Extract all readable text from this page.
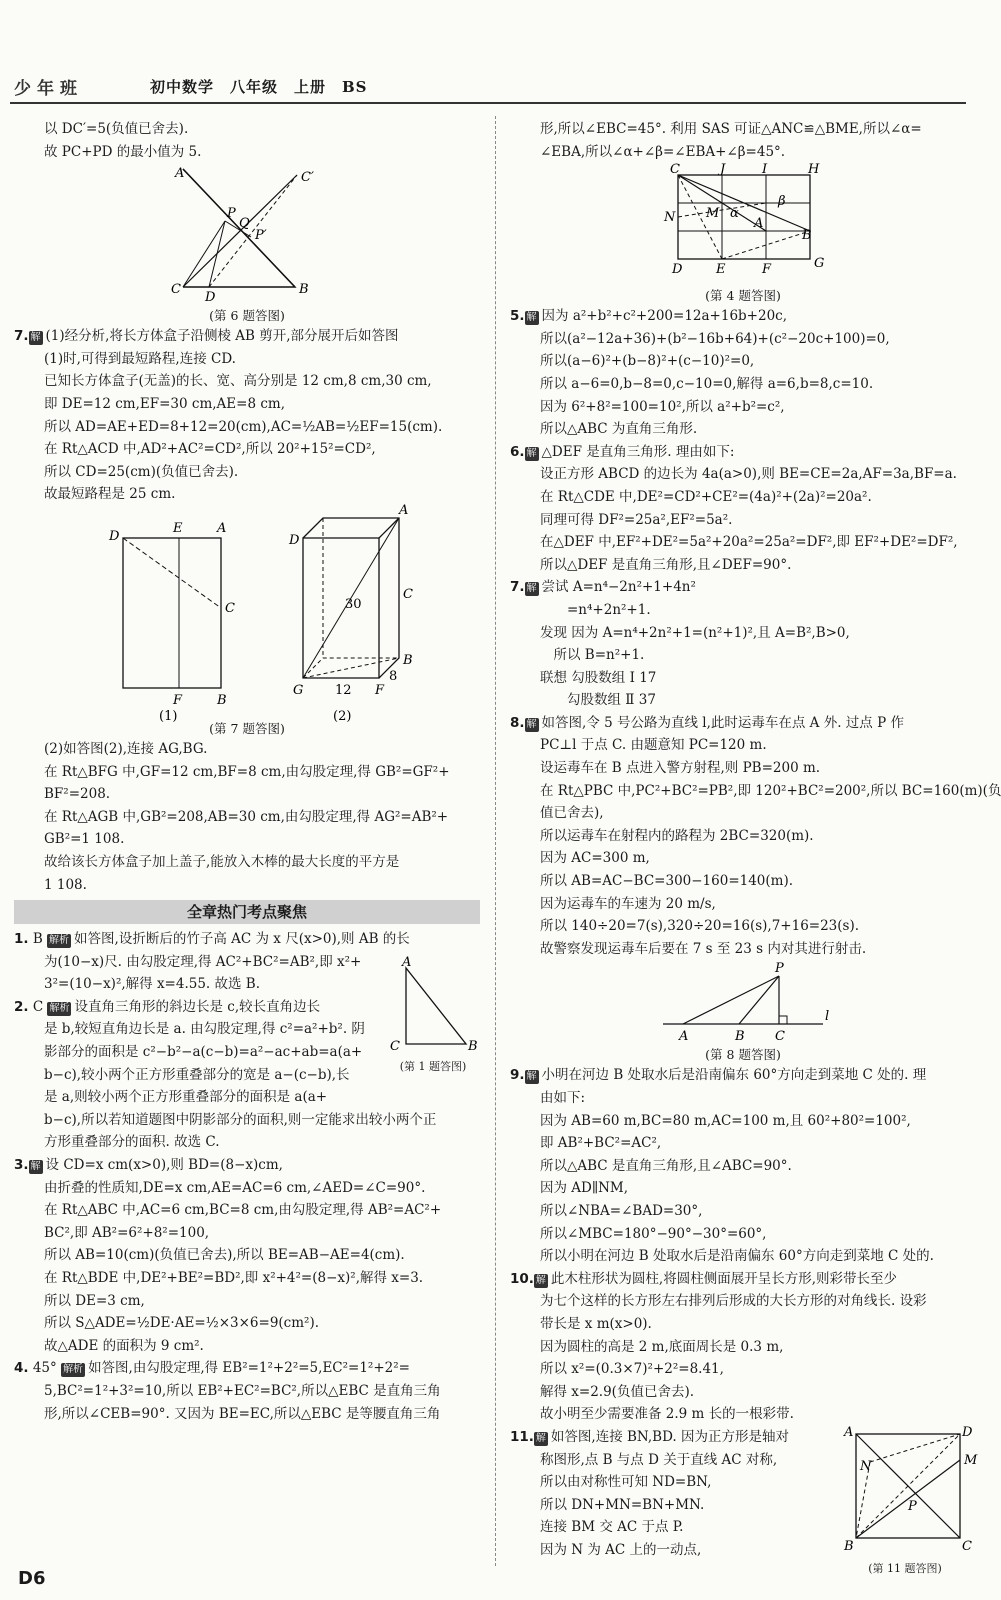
少年班	初中数学　八年级　上册　BS
以 DC′=5(负值已舍去).
故 PC+PD 的最小值为 5.
A	C′
P
P′
Q
C
D
B
(第 6 题答图)
7. 解 (1)经分析,将长方体盒子沿侧棱 AB 剪开,部分展开后如答图
(1)时,可得到最短路程,连接 CD.
已知长方体盒子(无盖)的长、宽、高分别是 12 cm,8 cm,30 cm,
即 DE=12 cm,EF=30 cm,AE=8 cm,
所以 AD=AE+ED=8+12=20(cm),AC=½AB=½EF=15(cm).
在 Rt△ACD 中,AD²+AC²=CD²,所以 20²+15²=CD²,
所以 CD=25(cm)(负值已舍去).
故最短路程是 25 cm.
D
E	A
C
F	B
(1)
D
A
C
B
G	F
30
12
8
(2)
(第 7 题答图)
(2)如答图(2),连接 AG,BG.
在 Rt△BFG 中,GF=12 cm,BF=8 cm,由勾股定理,得 GB²=GF²+
BF²=208.
在 Rt△AGB 中,GB²=208,AB=30 cm,由勾股定理,得 AG²=AB²+
GB²=1 108.
故给该长方体盒子加上盖子,能放入木棒的最大长度的平方是
1 108.
全章热门考点聚焦
1. B 解析 如答图,设折断后的竹子高 AC 为 x 尺(x>0),则 AB 的长
为(10−x)尺. 由勾股定理,得 AC²+BC²=AB²,即 x²+
3²=(10−x)²,解得 x=4.55. 故选 B.
2. C 解析 设直角三角形的斜边长是 c,较长直角边长
是 b,较短直角边长是 a. 由勾股定理,得 c²=a²+b². 阴
影部分的面积是 c²−b²−a(c−b)=a²−ac+ab=a(a+
b−c),较小两个正方形重叠部分的宽是 a−(c−b),长
是 a,则较小两个正方形重叠部分的面积是 a(a+
b−c),所以若知道题图中阴影部分的面积,则一定能求出较小两个正
方形重叠部分的面积. 故选 C.
A
C	B
(第 1 题答图)
3. 解 设 CD=x cm(x>0),则 BD=(8−x)cm,
由折叠的性质知,DE=x cm,AE=AC=6 cm,∠AED=∠C=90°.
在 Rt△ABC 中,AC=6 cm,BC=8 cm,由勾股定理,得 AB²=AC²+
BC²,即 AB²=6²+8²=100,
所以 AB=10(cm)(负值已舍去),所以 BE=AB−AE=4(cm).
在 Rt△BDE 中,DE²+BE²=BD²,即 x²+4²=(8−x)²,解得 x=3.
所以 DE=3 cm,
所以 S△ADE=½DE·AE=½×3×6=9(cm²).
故△ADE 的面积为 9 cm².
4. 45° 解析 如答图,由勾股定理,得 EB²=1²+2²=5,EC²=1²+2²=
5,BC²=1²+3²=10,所以 EB²+EC²=BC²,所以△EBC 是直角三角
形,所以∠CEB=90°. 又因为 BE=EC,所以△EBC 是等腰直角三角
形,所以∠EBC=45°. 利用 SAS 可证△ANC≌△BME,所以∠α=
∠EBA,所以∠α+∠β=∠EBA+∠β=45°.
C	J	I	H
N M α
β
A
B
D	E	F	G
(第 4 题答图)
5. 解 因为 a²+b²+c²+200=12a+16b+20c,
所以(a²−12a+36)+(b²−16b+64)+(c²−20c+100)=0,
所以(a−6)²+(b−8)²+(c−10)²=0,
所以 a−6=0,b−8=0,c−10=0,解得 a=6,b=8,c=10.
因为 6²+8²=100=10²,所以 a²+b²=c²,
所以△ABC 为直角三角形.
6. 解 △DEF 是直角三角形. 理由如下:
设正方形 ABCD 的边长为 4a(a>0),则 BE=CE=2a,AF=3a,BF=a.
在 Rt△CDE 中,DE²=CD²+CE²=(4a)²+(2a)²=20a².
同理可得 DF²=25a²,EF²=5a².
在△DEF 中,EF²+DE²=5a²+20a²=25a²=DF²,即 EF²+DE²=DF²,
所以△DEF 是直角三角形,且∠DEF=90°.
7. 解 尝试 A=n⁴−2n²+1+4n²
　　=n⁴+2n²+1.
发现 因为 A=n⁴+2n²+1=(n²+1)²,且 A=B²,B>0,
　所以 B=n²+1.
联想 勾股数组 Ⅰ 17
　　勾股数组 Ⅱ 37
8. 解 如答图,令 5 号公路为直线 l,此时运毒车在点 A 外. 过点 P 作
PC⊥l 于点 C. 由题意知 PC=120 m.
设运毒车在 B 点进入警方射程,则 PB=200 m.
在 Rt△PBC 中,PC²+BC²=PB²,即 120²+BC²=200²,所以 BC=160(m)(负
值已舍去),
所以运毒车在射程内的路程为 2BC=320(m).
因为 AC=300 m,
所以 AB=AC−BC=300−160=140(m).
因为运毒车的车速为 20 m/s,
所以 140÷20=7(s),320÷20=16(s),7+16=23(s).
故警察发现运毒车后要在 7 s 至 23 s 内对其进行射击.
P
l
A	B C
(第 8 题答图)
9. 解 小明在河边 B 处取水后是沿南偏东 60°方向走到菜地 C 处的. 理
由如下:
因为 AB=60 m,BC=80 m,AC=100 m,且 60²+80²=100²,
即 AB²+BC²=AC²,
所以△ABC 是直角三角形,且∠ABC=90°.
因为 AD∥NM,
所以∠NBA=∠BAD=30°,
所以∠MBC=180°−90°−30°=60°,
所以小明在河边 B 处取水后是沿南偏东 60°方向走到菜地 C 处的.
10. 解 此木柱形状为圆柱,将圆柱侧面展开呈长方形,则彩带长至少
为七个这样的长方形左右排列后形成的大长方形的对角线长. 设彩
带长是 x m(x>0).
因为圆柱的高是 2 m,底面周长是 0.3 m,
所以 x²=(0.3×7)²+2²=8.41,
解得 x=2.9(负值已舍去).
故小明至少需要准备 2.9 m 长的一根彩带.
11. 解 如答图,连接 BN,BD. 因为正方形是轴对
称图形,点 B 与点 D 关于直线 AC 对称,
所以由对称性可知 ND=BN,
所以 DN+MN=BN+MN.
连接 BM 交 AC 于点 P.
因为 N 为 AC 上的一动点,
A	D
M
N
P
B	C
(第 11 题答图)
D6
